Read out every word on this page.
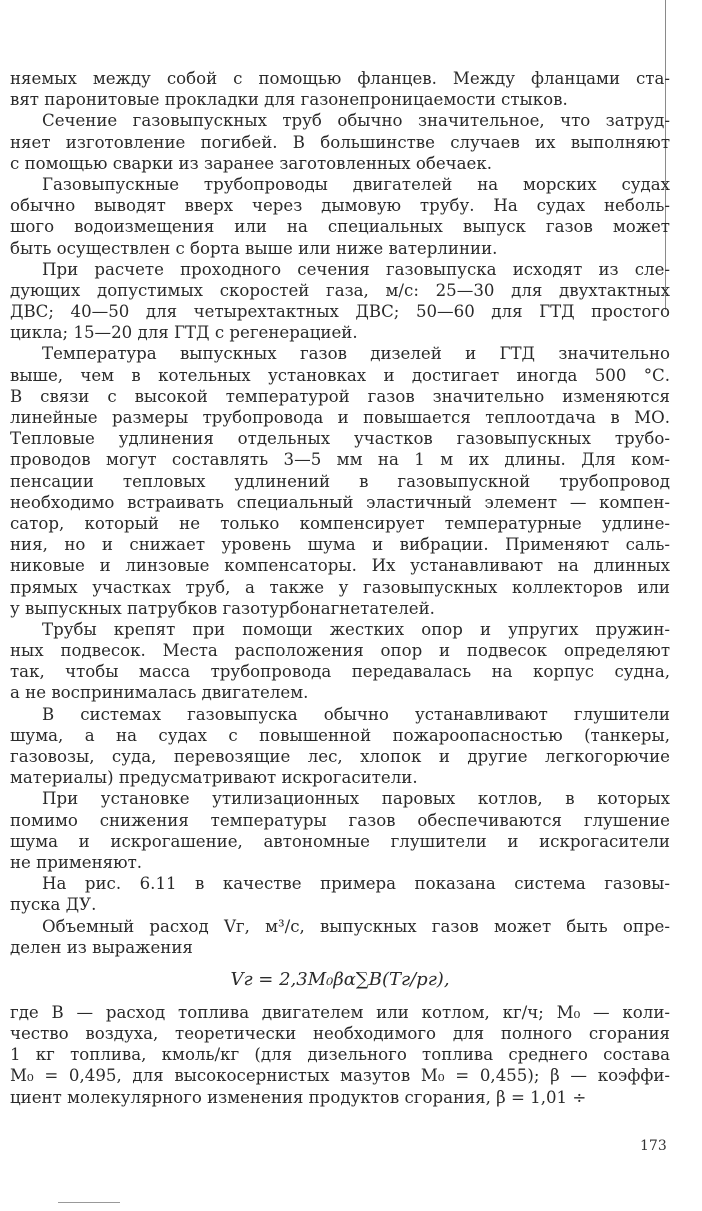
няемых между собой с помощью фланцев. Между фланцами ста-
вят паронитовые прокладки для газонепроницаемости стыков.
Сечение газовыпускных труб обычно значительное, что затруд-
няет изготовление погибей. В большинстве случаев их выполняют
с помощью сварки из заранее заготовленных обечаек.
Газовыпускные трубопроводы двигателей на морских судах
обычно выводят вверх через дымовую трубу. На судах неболь-
шого водоизмещения или на специальных выпуск газов может
быть осуществлен с борта выше или ниже ватерлинии.
При расчете проходного сечения газовыпуска исходят из сле-
дующих допустимых скоростей газа, м/с: 25—30 для двухтактных
ДВС; 40—50 для четырехтактных ДВС; 50—60 для ГТД простого
цикла; 15—20 для ГТД с регенерацией.
Температура выпускных газов дизелей и ГТД значительно
выше, чем в котельных установках и достигает иногда 500 °С.
В связи с высокой температурой газов значительно изменяются
линейные размеры трубопровода и повышается теплоотдача в МО.
Тепловые удлинения отдельных участков газовыпускных трубо-
проводов могут составлять 3—5 мм на 1 м их длины. Для ком-
пенсации тепловых удлинений в газовыпускной трубопровод
необходимо встраивать специальный эластичный элемент — компен-
сатор, который не только компенсирует температурные удлине-
ния, но и снижает уровень шума и вибрации. Применяют саль-
никовые и линзовые компенсаторы. Их устанавливают на длинных
прямых участках труб, а также у газовыпускных коллекторов или
у выпускных патрубков газотурбонагнетателей.
Трубы крепят при помощи жестких опор и упругих пружин-
ных подвесок. Места расположения опор и подвесок определяют
так, чтобы масса трубопровода передавалась на корпус судна,
а не воспринималась двигателем.
В системах газовыпуска обычно устанавливают глушители
шума, а на судах с повышенной пожароопасностью (танкеры,
газовозы, суда, перевозящие лес, хлопок и другие легкогорючие
материалы) предусматривают искрогасители.
При установке утилизационных паровых котлов, в которых
помимо снижения температуры газов обеспечиваются глушение
шума и искрогашение, автономные глушители и искрогасители
не применяют.
На рис. 6.11 в качестве примера показана система газовы-
пуска ДУ.
Объемный расход Vг, м³/с, выпускных газов может быть опре-
делен из выражения
Vг = 2,3M₀βα∑B(Tг/pг),
где B — расход топлива двигателем или котлом, кг/ч; M₀ — коли-
чество воздуха, теоретически необходимого для полного сгорания
1 кг топлива, кмоль/кг (для дизельного топлива среднего состава
M₀ = 0,495, для высокосернистых мазутов M₀ = 0,455); β — коэффи-
циент молекулярного изменения продуктов сгорания, β = 1,01 ÷
173
